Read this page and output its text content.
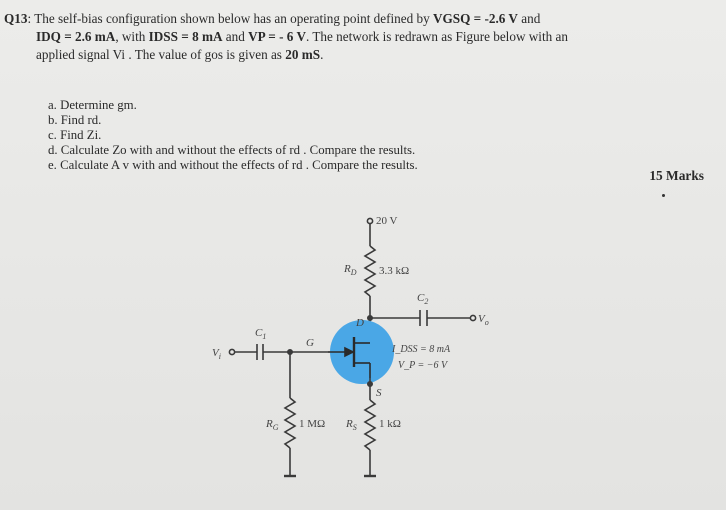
Q13: The self-bias configuration shown below has an operating point defined by VGSQ = -2.6 V and
IDQ = 2.6 mA, with IDSS = 8 mA and VP = - 6 V. The network is redrawn as Figure below with an
applied signal Vi . The value of gos is given as 20 mS.
a. Determine gm.
b. Find rd.
c. Find Zi.
d. Calculate Zo with and without the effects of rd . Compare the results.
e. Calculate A v with and without the effects of rd . Compare the results.
15 Marks
20 V
$R_D$ 3.3 kΩ
$C_2$
$V_o$
D
$C_1$
G
$V_i$
I_DSS = 8 mA
V_P = −6 V
S
$R_G$ 1 MΩ $R_S$ 1 kΩ
